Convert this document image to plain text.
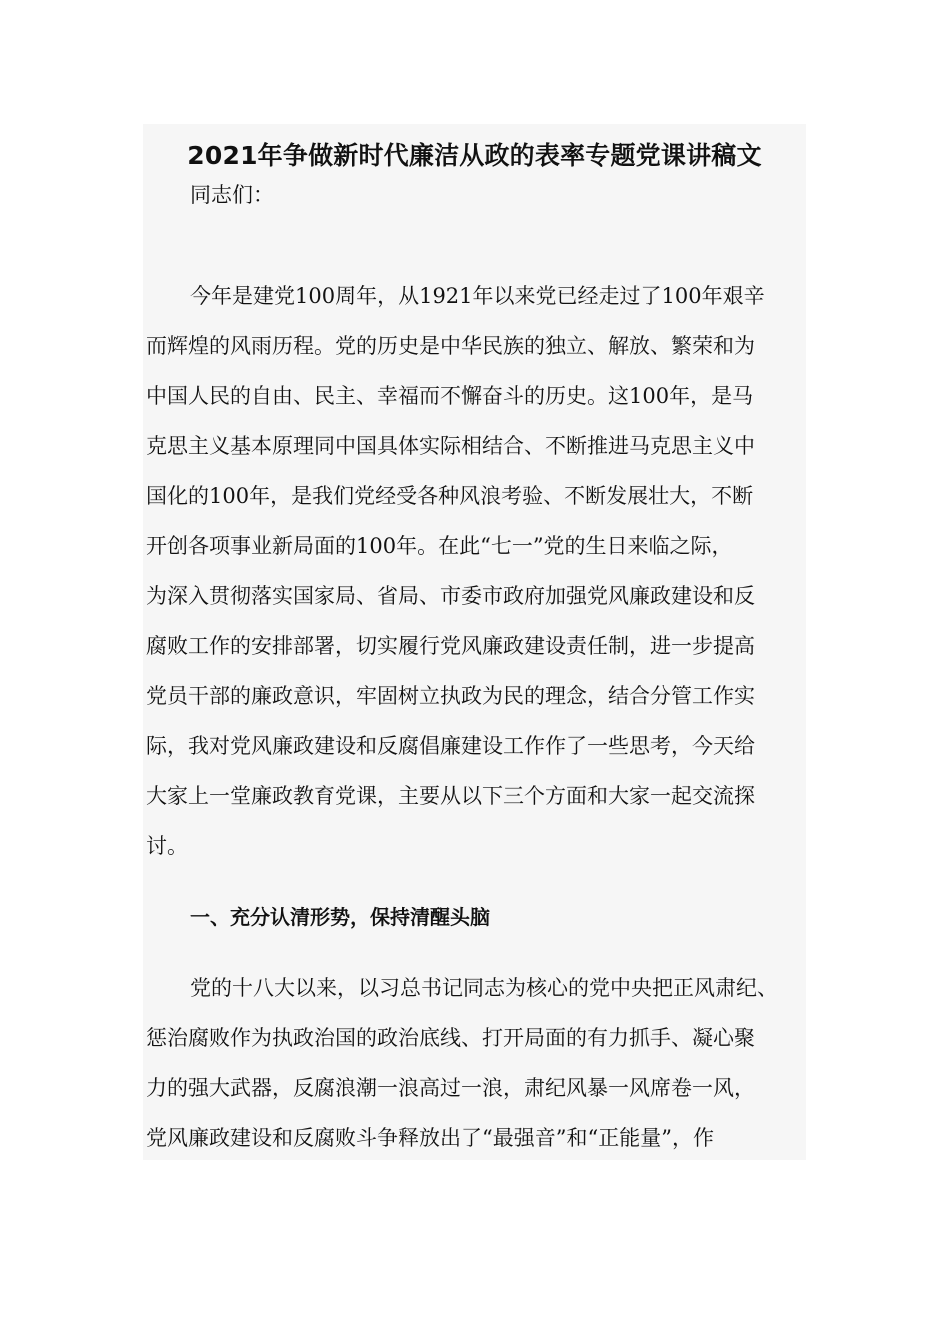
2021年争做新时代廉洁从政的表率专题党课讲稿文
同志们：
今年是建党100周年，从1921年以来党已经走过了100年艰辛
而辉煌的风雨历程。党的历史是中华民族的独立、解放、繁荣和为
中国人民的自由、民主、幸福而不懈奋斗的历史。这100年，是马
克思主义基本原理同中国具体实际相结合、不断推进马克思主义中
国化的100年，是我们党经受各种风浪考验、不断发展壮大，不断
开创各项事业新局面的100年。在此“七一”党的生日来临之际，
为深入贯彻落实国家局、省局、市委市政府加强党风廉政建设和反
腐败工作的安排部署，切实履行党风廉政建设责任制，进一步提高
党员干部的廉政意识，牢固树立执政为民的理念，结合分管工作实
际，我对党风廉政建设和反腐倡廉建设工作作了一些思考，今天给
大家上一堂廉政教育党课，主要从以下三个方面和大家一起交流探
讨。
一、充分认清形势，保持清醒头脑
党的十八大以来，以习总书记同志为核心的党中央把正风肃纪、
惩治腐败作为执政治国的政治底线、打开局面的有力抓手、凝心聚
力的强大武器，反腐浪潮一浪高过一浪，肃纪风暴一风席卷一风，
党风廉政建设和反腐败斗争释放出了“最强音”和“正能量”，作
